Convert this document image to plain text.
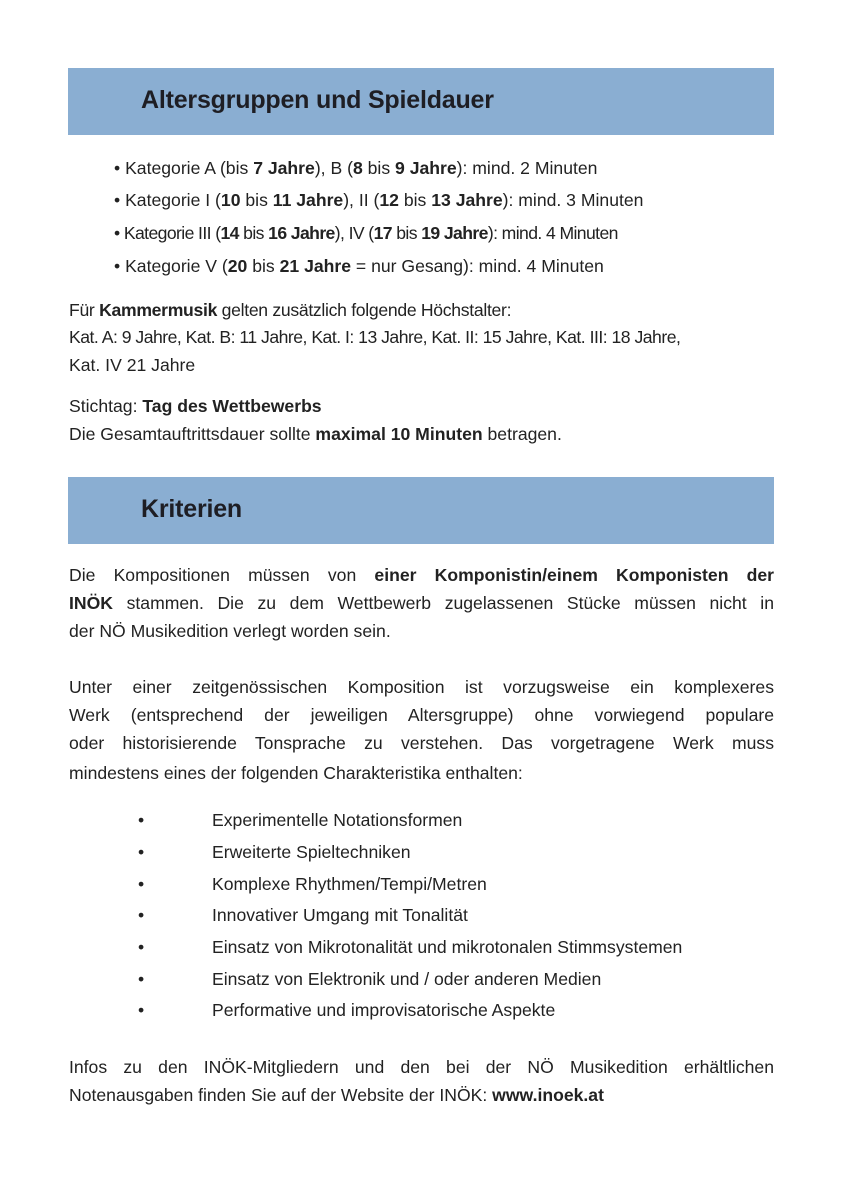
Altersgruppen und Spieldauer
• Kategorie A (bis 7 Jahre), B (8 bis 9 Jahre): mind. 2 Minuten
• Kategorie I (10 bis 11 Jahre), II (12 bis 13 Jahre): mind. 3 Minuten
• Kategorie III (14 bis 16 Jahre), IV (17 bis 19 Jahre): mind. 4 Minuten
• Kategorie V (20 bis 21 Jahre = nur Gesang): mind. 4 Minuten
Für Kammermusik gelten zusätzlich folgende Höchstalter:
Kat. A: 9 Jahre, Kat. B: 11 Jahre, Kat. I: 13 Jahre, Kat. II: 15 Jahre, Kat. III: 18 Jahre,
Kat. IV 21 Jahre
Stichtag: Tag des Wettbewerbs
Die Gesamtauftrittsdauer sollte maximal 10 Minuten betragen.
Kriterien
Die Kompositionen müssen von einer Komponistin/einem Komponisten der
INÖK stammen. Die zu dem Wettbewerb zugelassenen Stücke müssen nicht in
der NÖ Musikedition verlegt worden sein.
Unter einer zeitgenössischen Komposition ist vorzugsweise ein komplexeres
Werk (entsprechend der jeweiligen Altersgruppe) ohne vorwiegend populare
oder historisierende Tonsprache zu verstehen. Das vorgetragene Werk muss
mindestens eines der folgenden Charakteristika enthalten:
•	Experimentelle Notationsformen
•	Erweiterte Spieltechniken
•	Komplexe Rhythmen/Tempi/Metren
•	Innovativer Umgang mit Tonalität
•	Einsatz von Mikrotonalität und mikrotonalen Stimmsystemen
•	Einsatz von Elektronik und / oder anderen Medien
•	Performative und improvisatorische Aspekte
Infos zu den INÖK-Mitgliedern und den bei der NÖ Musikedition erhältlichen
Notenausgaben finden Sie auf der Website der INÖK: www.inoek.at
